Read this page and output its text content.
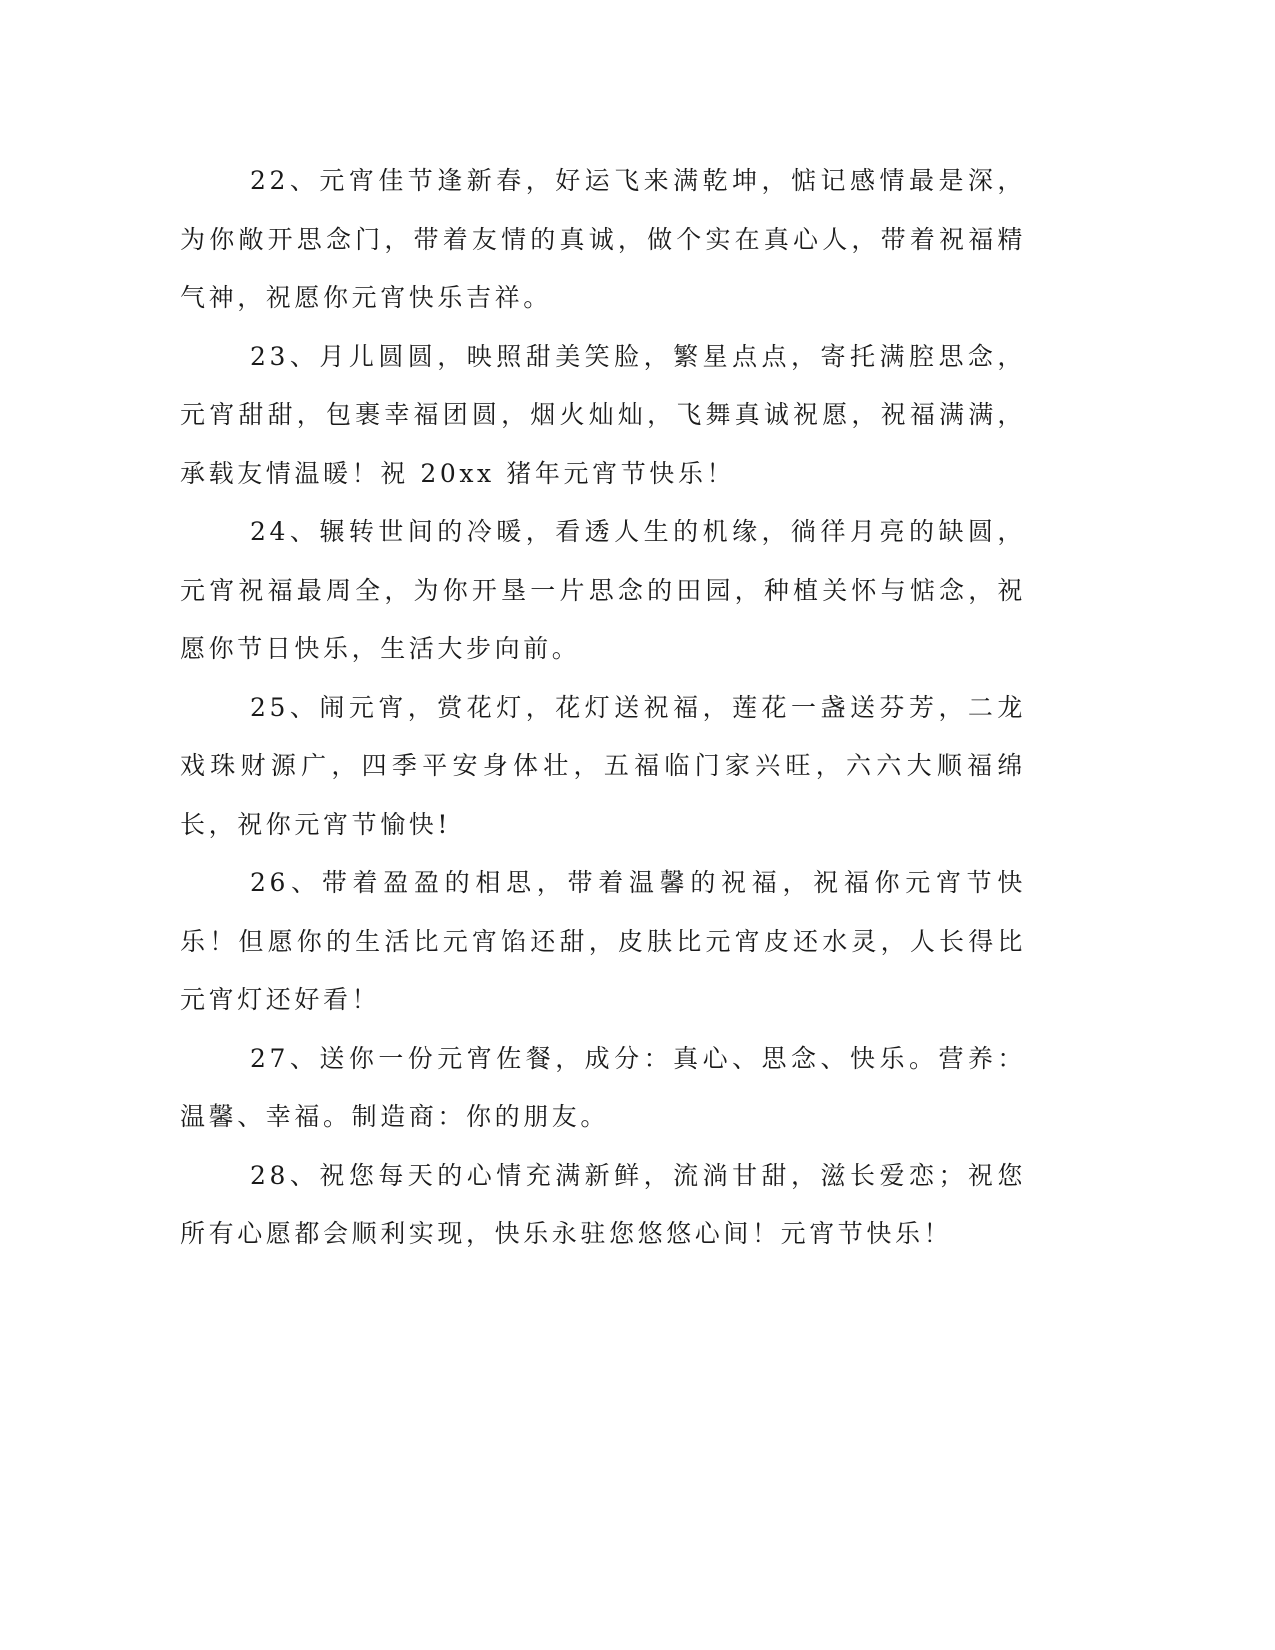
22、元宵佳节逢新春，好运飞来满乾坤，惦记感情最是深，为你敞开思念门，带着友情的真诚，做个实在真心人，带着祝福精气神，祝愿你元宵快乐吉祥。

23、月儿圆圆，映照甜美笑脸，繁星点点，寄托满腔思念，元宵甜甜，包裹幸福团圆，烟火灿灿，飞舞真诚祝愿，祝福满满，承载友情温暖！祝 20xx 猪年元宵节快乐！

24、辗转世间的冷暖，看透人生的机缘，徜徉月亮的缺圆，元宵祝福最周全，为你开垦一片思念的田园，种植关怀与惦念，祝愿你节日快乐，生活大步向前。

25、闹元宵，赏花灯，花灯送祝福，莲花一盏送芬芳，二龙戏珠财源广，四季平安身体壮，五福临门家兴旺，六六大顺福绵长，祝你元宵节愉快!

26、带着盈盈的相思，带着温馨的祝福，祝福你元宵节快乐！但愿你的生活比元宵馅还甜，皮肤比元宵皮还水灵，人长得比元宵灯还好看！

27、送你一份元宵佐餐，成分：真心、思念、快乐。营养：温馨、幸福。制造商：你的朋友。

28、祝您每天的心情充满新鲜，流淌甘甜，滋长爱恋；祝您所有心愿都会顺利实现，快乐永驻您悠悠心间！元宵节快乐！
